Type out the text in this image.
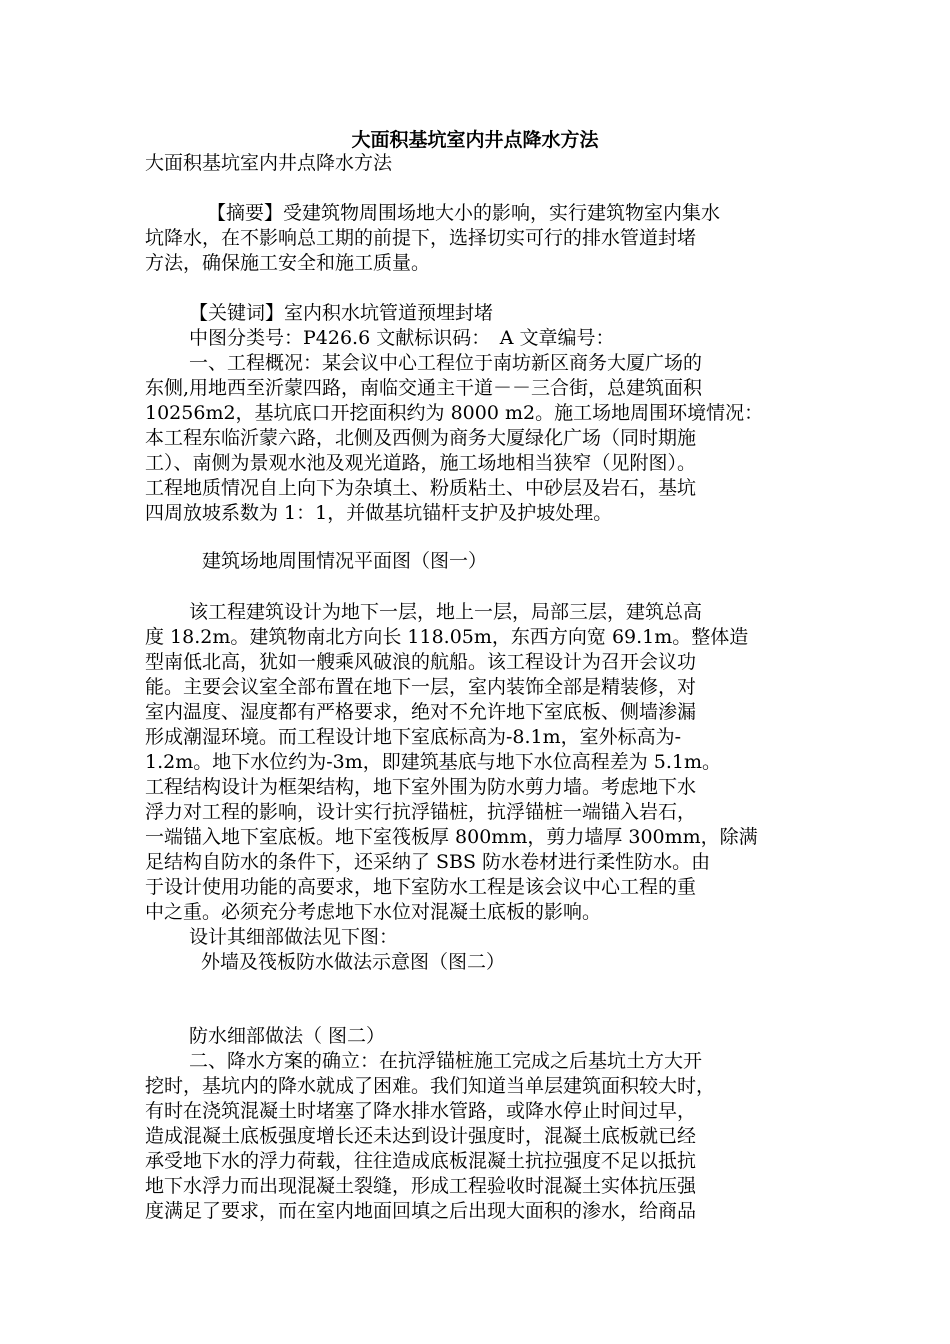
大面积基坑室内井点降水方法
大面积基坑室内井点降水方法
【摘要】受建筑物周围场地大小的影响，实行建筑物室内集水
坑降水，在不影响总工期的前提下，选择切实可行的排水管道封堵
方法，确保施工安全和施工质量。
【关键词】室内积水坑管道预埋封堵
中图分类号：P426.6 文献标识码：　A 文章编号：
一、工程概况：某会议中心工程位于南坊新区商务大厦广场的
东侧,用地西至沂蒙四路，南临交通主干道－－三合街，总建筑面积
10256m2，基坑底口开挖面积约为 8000 m2。施工场地周围环境情况：
本工程东临沂蒙六路，北侧及西侧为商务大厦绿化广场（同时期施
工）、南侧为景观水池及观光道路，施工场地相当狭窄（见附图）。
工程地质情况自上向下为杂填土、粉质粘土、中砂层及岩石，基坑
四周放坡系数为 1：1，并做基坑锚杆支护及护坡处理。
建筑场地周围情况平面图（图一）
该工程建筑设计为地下一层，地上一层，局部三层，建筑总高
度 18.2m。建筑物南北方向长 118.05m，东西方向宽 69.1m。整体造
型南低北高，犹如一艘乘风破浪的航船。该工程设计为召开会议功
能。主要会议室全部布置在地下一层，室内装饰全部是精装修，对
室内温度、湿度都有严格要求，绝对不允许地下室底板、侧墙渗漏
形成潮湿环境。而工程设计地下室底标高为-8.1m，室外标高为-
1.2m。地下水位约为-3m，即建筑基底与地下水位高程差为 5.1m。
工程结构设计为框架结构，地下室外围为防水剪力墙。考虑地下水
浮力对工程的影响，设计实行抗浮锚桩，抗浮锚桩一端锚入岩石，
一端锚入地下室底板。地下室筏板厚 800mm，剪力墙厚 300mm，除满
足结构自防水的条件下，还采纳了 SBS 防水卷材进行柔性防水。由
于设计使用功能的高要求，地下室防水工程是该会议中心工程的重
中之重。必须充分考虑地下水位对混凝土底板的影响。
设计其细部做法见下图：
外墙及筏板防水做法示意图（图二）
防水细部做法（ 图二）
二、降水方案的确立：在抗浮锚桩施工完成之后基坑土方大开
挖时，基坑内的降水就成了困难。我们知道当单层建筑面积较大时，
有时在浇筑混凝土时堵塞了降水排水管路，或降水停止时间过早，
造成混凝土底板强度增长还未达到设计强度时，混凝土底板就已经
承受地下水的浮力荷载，往往造成底板混凝土抗拉强度不足以抵抗
地下水浮力而出现混凝土裂缝，形成工程验收时混凝土实体抗压强
度满足了要求，而在室内地面回填之后出现大面积的渗水，给商品
